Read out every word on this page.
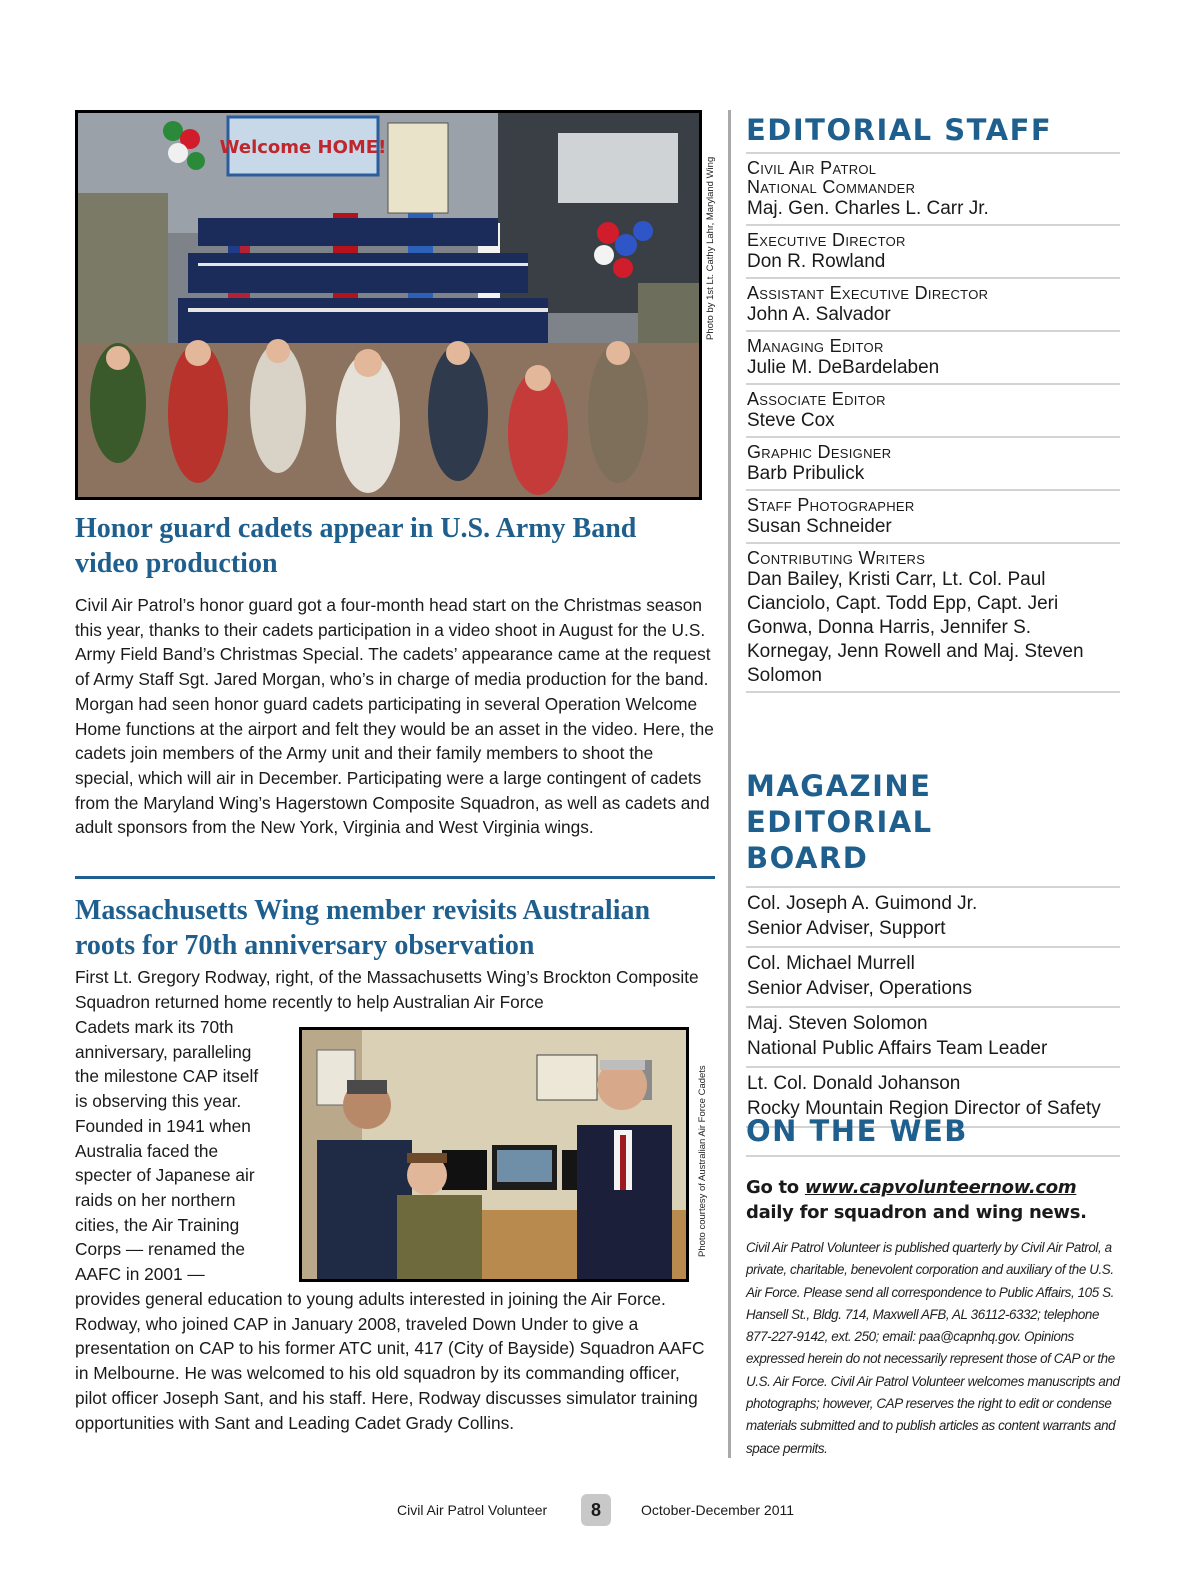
Welcome HOME!
Photo by 1st Lt. Cathy Lahr, Maryland Wing
Honor guard cadets appear in U.S. Army Band video production

Civil Air Patrol’s honor guard got a four-month head start on the Christmas season this year, thanks to their cadets participation in a video shoot in August for the U.S. Army Field Band’s Christmas Special. The cadets’ appearance came at the request of Army Staff Sgt. Jared Morgan, who’s in charge of media production for the band. Morgan had seen honor guard cadets participating in several Operation Welcome Home functions at the airport and felt they would be an asset in the video. Here, the cadets join members of the Army unit and their family members to shoot the special, which will air in December. Participating were a large contingent of cadets from the Maryland Wing’s Hagerstown Composite Squadron, as well as cadets and adult sponsors from the New York, Virginia and West Virginia wings.

Massachusetts Wing member revisits Australian roots for 70th anniversary observation

First Lt. Gregory Rodway, right, of the Massachusetts Wing’s Brockton Composite Squadron returned home recently to help Australian Air Force

Cadets mark its 70th
anniversary, paralleling
the milestone CAP itself
is observing this year.
Founded in 1941 when
Australia faced the
specter of Japanese air
raids on her northern
cities, the Air Training
Corps — renamed the
AAFC in 2001 —
Photo courtesy of Australian Air Force Cadets

provides general education to young adults interested in joining the Air Force. Rodway, who joined CAP in January 2008, traveled Down Under to give a presentation on CAP to his former ATC unit, 417 (City of Bayside) Squadron AAFC in Melbourne. He was welcomed to his old squadron by its commanding officer, pilot officer Joseph Sant, and his staff. Here, Rodway discusses simulator training opportunities with Sant and Leading Cadet Grady Collins.

EDITORIAL STAFF
Civil Air Patrol
National Commander
Maj. Gen. Charles L. Carr Jr.
Executive Director
Don R. Rowland
Assistant Executive Director
John A. Salvador
Managing Editor
Julie M. DeBardelaben
Associate Editor
Steve Cox
Graphic Designer
Barb Pribulick
Staff Photographer
Susan Schneider
Contributing Writers
Dan Bailey, Kristi Carr, Lt. Col. Paul Cianciolo, Capt. Todd Epp, Capt. Jeri Gonwa, Donna Harris, Jennifer S. Kornegay, Jenn Rowell and Maj. Steven Solomon
MAGAZINE EDITORIAL BOARD
Col. Joseph A. Guimond Jr.
Senior Adviser, Support
Col. Michael Murrell
Senior Adviser, Operations
Maj. Steven Solomon
National Public Affairs Team Leader
Lt. Col. Donald Johanson
Rocky Mountain Region Director of Safety
ON THE WEB
Go to www.capvolunteernow.com daily for squadron and wing news.

Civil Air Patrol Volunteer is published quarterly by Civil Air Patrol, a private, charitable, benevolent corporation and auxiliary of the U.S. Air Force. Please send all correspondence to Public Affairs, 105 S. Hansell St., Bldg. 714, Maxwell AFB, AL 36112-6332; telephone 877-227-9142, ext. 250; email: paa@capnhq.gov. Opinions expressed herein do not necessarily represent those of CAP or the U.S. Air Force. Civil Air Patrol Volunteer welcomes manuscripts and photographs; however, CAP reserves the right to edit or condense materials submitted and to publish articles as content warrants and space permits.

Civil Air Patrol Volunteer	8	October-December 2011
